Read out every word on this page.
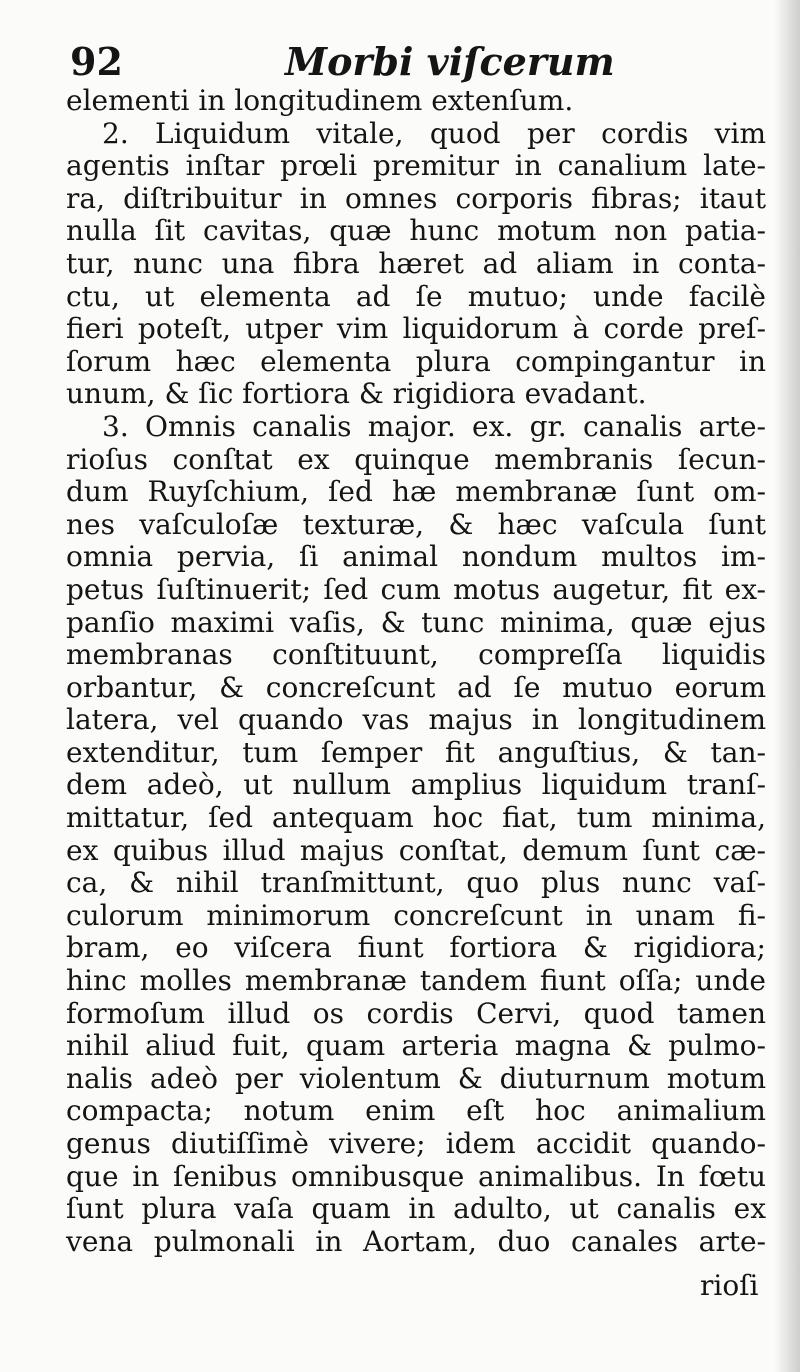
92	Morbi viſcerum
elementi in longitudinem extenſum.
2. Liquidum vitale, quod per cordis vim
agentis inſtar prœli premitur in canalium late-
ra, diſtribuitur in omnes corporis fibras; itaut
nulla ſit cavitas, quæ hunc motum non patia-
tur, nunc una fibra hæret ad aliam in conta-
ctu, ut elementa ad ſe mutuo; unde facilè
fieri poteſt, utper vim liquidorum à corde preſ-
ſorum hæc elementa plura compingantur in
unum, & ſic fortiora & rigidiora evadant.
3. Omnis canalis major. ex. gr. canalis arte-
rioſus conſtat ex quinque membranis ſecun-
dum Ruyſchium, ſed hæ membranæ ſunt om-
nes vaſculoſæ texturæ, & hæc vaſcula ſunt
omnia pervia, ſi animal nondum multos im-
petus ſuſtinuerit; ſed cum motus augetur, fit ex-
panſio maximi vaſis, & tunc minima, quæ ejus
membranas conſtituunt, compreſſa liquidis
orbantur, & concreſcunt ad ſe mutuo eorum
latera, vel quando vas majus in longitudinem
extenditur, tum ſemper fit anguſtius, & tan-
dem adeò, ut nullum amplius liquidum tranſ-
mittatur, ſed antequam hoc fiat, tum minima,
ex quibus illud majus conſtat, demum ſunt cæ-
ca, & nihil tranſmittunt, quo plus nunc vaſ-
culorum minimorum concreſcunt in unam fi-
bram, eo viſcera fiunt fortiora & rigidiora;
hinc molles membranæ tandem fiunt oſſa; unde
formoſum illud os cordis Cervi, quod tamen
nihil aliud fuit, quam arteria magna & pulmo-
nalis adeò per violentum & diuturnum motum
compacta; notum enim eſt hoc animalium
genus diutiſſimè vivere; idem accidit quando-
que in ſenibus omnibusque animalibus. In fœtu
ſunt plura vaſa quam in adulto, ut canalis ex
vena pulmonali in Aortam, duo canales arte-
rioſi
